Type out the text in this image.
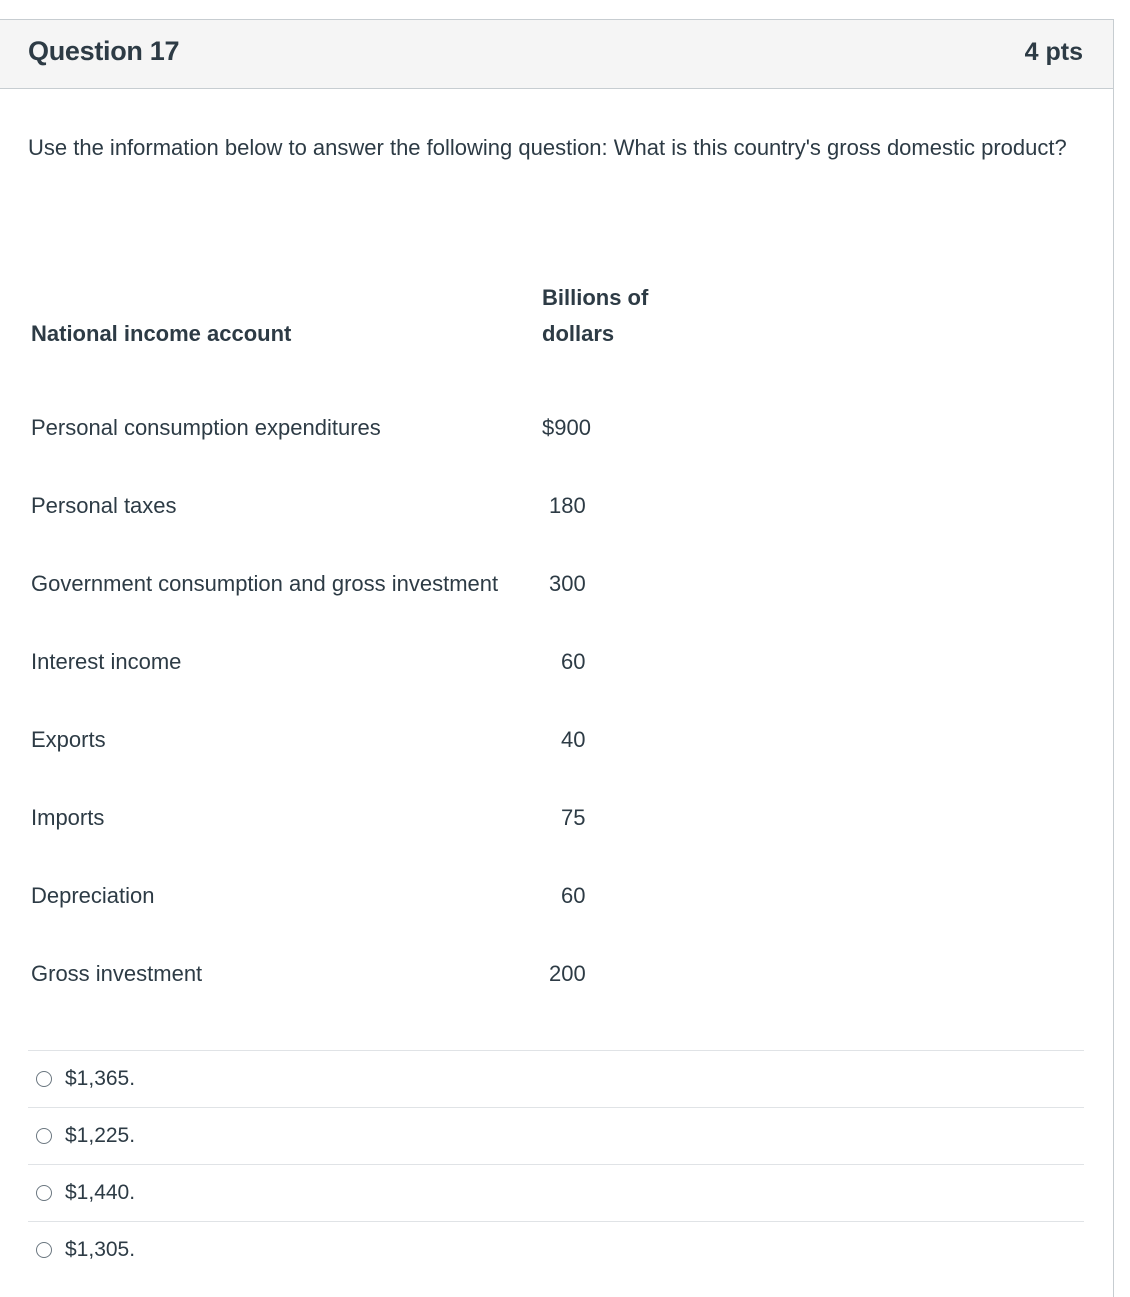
Question 17	4 pts
Use the information below to answer the following question: What is this country's gross domestic product?
National income account
Billions of
dollars
Personal consumption expenditures	$900
Personal taxes	180
Government consumption and gross investment 300
Interest income	60
Exports	40
Imports	75
Depreciation	60
Gross investment	200
$1,365.
$1,225.
$1,440.
$1,305.
